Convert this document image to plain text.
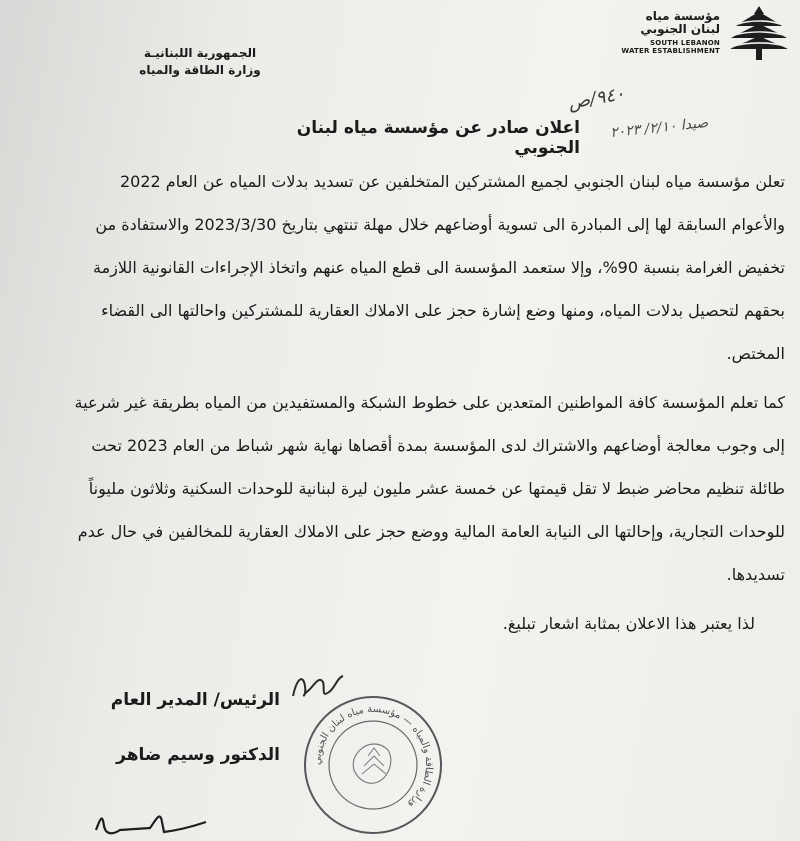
مؤسسة مياه
لبنان الجنوبي
SOUTH LEBANON
WATER ESTABLISHMENT
الجمهورية اللبنانيـة
وزارة الطاقة والمياه
٩٤٠/ص
صيدا ٢/١٠/ ٢٠٢٣
اعلان صادر عن مؤسسة مياه لبنان الجنوبي

تعلن مؤسسة مياه لبنان الجنوبي لجميع المشتركين المتخلفين عن تسديد بدلات المياه عن العام 2022 والأعوام السابقة لها إلى المبادرة الى تسوية أوضاعهم خلال مهلة تنتهي بتاريخ 2023/3/30 والاستفادة من تخفيض الغرامة بنسبة 90%، وإلا ستعمد المؤسسة الى قطع المياه عنهم واتخاذ الإجراءات القانونية اللازمة بحقهم لتحصيل بدلات المياه، ومنها وضع إشارة حجز على الاملاك العقارية للمشتركين واحالتها الى القضاء المختص.

كما تعلم المؤسسة كافة المواطنين المتعدين على خطوط الشبكة والمستفيدين من المياه بطريقة غير شرعية إلى وجوب معالجة أوضاعهم والاشتراك لدى المؤسسة بمدة أقصاها نهاية شهر شباط من العام 2023 تحت طائلة تنظيم محاضر ضبط لا تقل قيمتها عن خمسة عشر مليون ليرة لبنانية للوحدات السكنية وثلاثون مليوناً للوحدات التجارية، وإحالتها الى النيابة العامة المالية ووضع حجز على الاملاك العقارية للمخالفين في حال عدم تسديدها.

لذا يعتبر هذا الاعلان بمثابة اشعار تبليغ.

الرئيس/ المدير العام
الدكتور وسيم ضاهر	وزارة الطاقة والمياه — مؤسسة مياه لبنان الجنوبي
